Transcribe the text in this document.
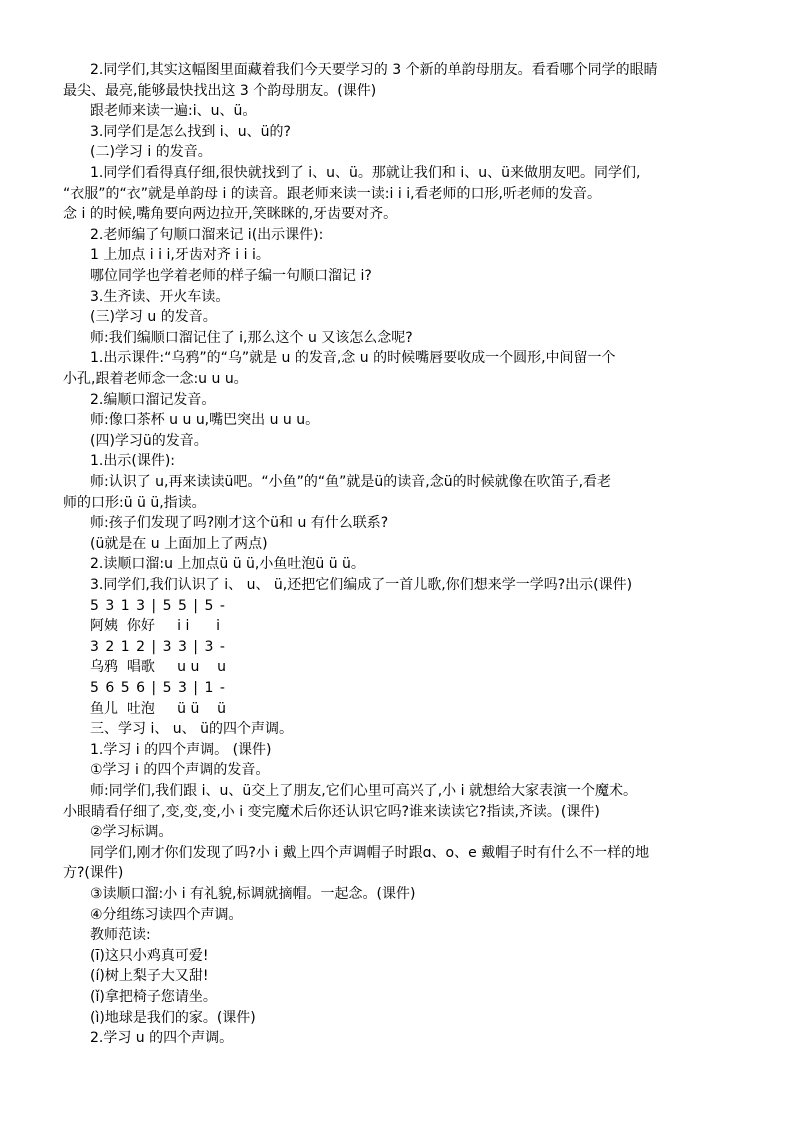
2.同学们,其实这幅图里面藏着我们今天要学习的 3 个新的单韵母朋友。看看哪个同学的眼睛
最尖、最亮,能够最快找出这 3 个韵母朋友。(课件)
跟老师来读一遍:i、u、ü。
3.同学们是怎么找到 i、u、ü的?
(二)学习 i 的发音。
1.同学们看得真仔细,很快就找到了 i、u、ü。那就让我们和 i、u、ü来做朋友吧。同学们,
“衣服”的“衣”就是单韵母 i 的读音。跟老师来读一读:i i i,看老师的口形,听老师的发音。
念 i 的时候,嘴角要向两边拉开,笑眯眯的,牙齿要对齐。
2.老师编了句顺口溜来记 i(出示课件):
1 上加点 i i i,牙齿对齐 i i i。
哪位同学也学着老师的样子编一句顺口溜记 i?
3.生齐读、开火车读。
(三)学习 u 的发音。
师:我们编顺口溜记住了 i,那么这个 u 又该怎么念呢?
1.出示课件:“乌鸦”的“乌”就是 u 的发音,念 u 的时候嘴唇要收成一个圆形,中间留一个
小孔,跟着老师念一念:u u u。
2.编顺口溜记发音。
师:像口茶杯 u u u,嘴巴突出 u u u。
(四)学习ü的发音。
1.出示(课件):
师:认识了 u,再来读读ü吧。“小鱼”的“鱼”就是ü的读音,念ü的时候就像在吹笛子,看老
师的口形:ü ü ü,指读。
师:孩子们发现了吗?刚才这个ü和 u 有什么联系?
(ü就是在 u 上面加上了两点)
2.读顺口溜:u 上加点ü ü ü,小鱼吐泡ü ü ü。
3.同学们,我们认识了 i、 u、 ü,还把它们编成了一首儿歌,你们想来学一学吗?出示(课件)
5 3 1 3 | 5 5 | 5 -
阿姨  你好     i i      i
3 2 1 2 | 3 3 | 3 -
乌鸦  唱歌     u u    u
5 6 5 6 | 5 3 | 1 -
鱼儿  吐泡     ü ü    ü
三、学习 i、 u、 ü的四个声调。
1.学习 i 的四个声调。 (课件)
①学习 i 的四个声调的发音。
师:同学们,我们跟 i、u、ü交上了朋友,它们心里可高兴了,小 i 就想给大家表演一个魔术。
小眼睛看仔细了,变,变,变,小 i 变完魔术后你还认识它吗?谁来读读它?指读,齐读。(课件)
②学习标调。
同学们,刚才你们发现了吗?小 i 戴上四个声调帽子时跟ɑ、o、e 戴帽子时有什么不一样的地
方?(课件)
③读顺口溜:小 i 有礼貌,标调就摘帽。一起念。(课件)
④分组练习读四个声调。
教师范读:
(ī)这只小鸡真可爱!
(í)树上梨子大又甜!
(ǐ)拿把椅子您请坐。
(ì)地球是我们的家。(课件)
2.学习 u 的四个声调。
